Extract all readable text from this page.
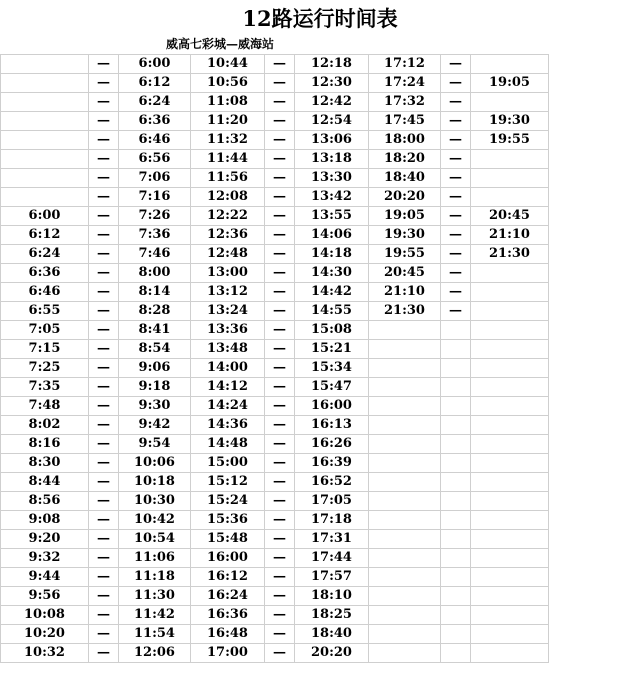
12路运行时间表
威高七彩城—威海站
	—	6:00	10:44	—	12:18	17:12	—	
	—	6:12	10:56	—	12:30	17:24	—	19:05
	—	6:24	11:08	—	12:42	17:32	—	
	—	6:36	11:20	—	12:54	17:45	—	19:30
	—	6:46	11:32	—	13:06	18:00	—	19:55
	—	6:56	11:44	—	13:18	18:20	—	
	—	7:06	11:56	—	13:30	18:40	—	
	—	7:16	12:08	—	13:42	20:20	—	
6:00	—	7:26	12:22	—	13:55	19:05	—	20:45
6:12	—	7:36	12:36	—	14:06	19:30	—	21:10
6:24	—	7:46	12:48	—	14:18	19:55	—	21:30
6:36	—	8:00	13:00	—	14:30	20:45	—	
6:46	—	8:14	13:12	—	14:42	21:10	—	
6:55	—	8:28	13:24	—	14:55	21:30	—	
7:05	—	8:41	13:36	—	15:08			
7:15	—	8:54	13:48	—	15:21			
7:25	—	9:06	14:00	—	15:34			
7:35	—	9:18	14:12	—	15:47			
7:48	—	9:30	14:24	—	16:00			
8:02	—	9:42	14:36	—	16:13			
8:16	—	9:54	14:48	—	16:26			
8:30	—	10:06	15:00	—	16:39			
8:44	—	10:18	15:12	—	16:52			
8:56	—	10:30	15:24	—	17:05			
9:08	—	10:42	15:36	—	17:18			
9:20	—	10:54	15:48	—	17:31			
9:32	—	11:06	16:00	—	17:44			
9:44	—	11:18	16:12	—	17:57			
9:56	—	11:30	16:24	—	18:10			
10:08	—	11:42	16:36	—	18:25			
10:20	—	11:54	16:48	—	18:40			
10:32	—	12:06	17:00	—	20:20			
